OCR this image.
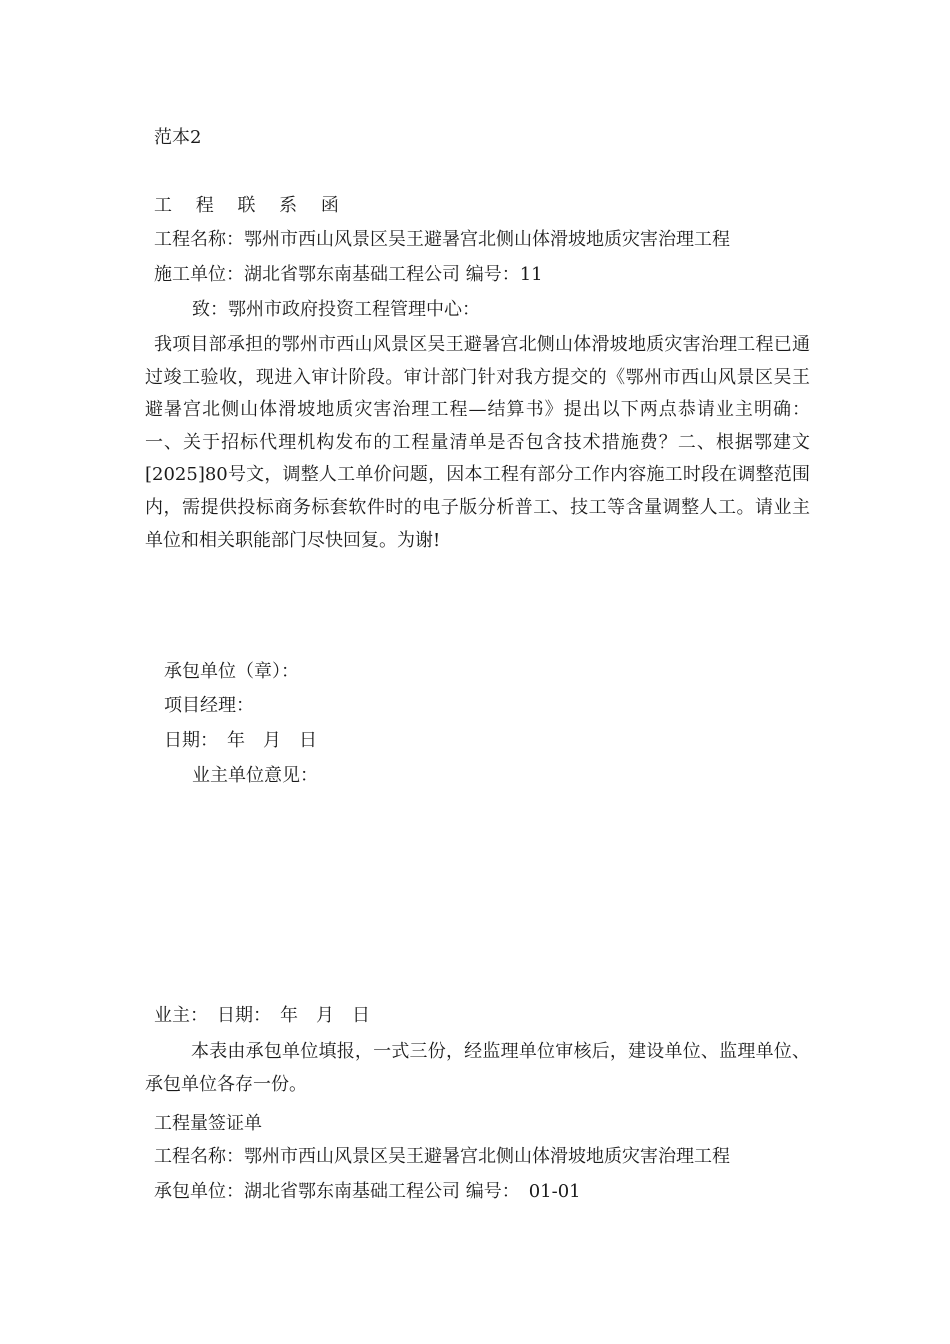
范本2
工 程 联 系 函
工程名称：鄂州市西山风景区吴王避暑宫北侧山体滑坡地质灾害治理工程
施工单位：湖北省鄂东南基础工程公司 编号：11
致：鄂州市政府投资工程管理中心：

我项目部承担的鄂州市西山风景区吴王避暑宫北侧山体滑坡地质灾害治理工程已通过竣工验收，现进入审计阶段。审计部门针对我方提交的《鄂州市西山风景区吴王避暑宫北侧山体滑坡地质灾害治理工程—结算书》提出以下两点恭请业主明确：一、关于招标代理机构发布的工程量清单是否包含技术措施费？二、根据鄂建文[2025]80号文，调整人工单价问题，因本工程有部分工作内容施工时段在调整范围内，需提供投标商务标套软件时的电子版分析普工、技工等含量调整人工。请业主单位和相关职能部门尽快回复。为谢!

承包单位（章）：
项目经理：
日期：　年　月　日
业主单位意见：
业主：　日期：　年　月　日

本表由承包单位填报，一式三份，经监理单位审核后，建设单位、监理单位、承包单位各存一份。

工程量签证单
工程名称：鄂州市西山风景区吴王避暑宫北侧山体滑坡地质灾害治理工程
承包单位：湖北省鄂东南基础工程公司 编号：　01-01
